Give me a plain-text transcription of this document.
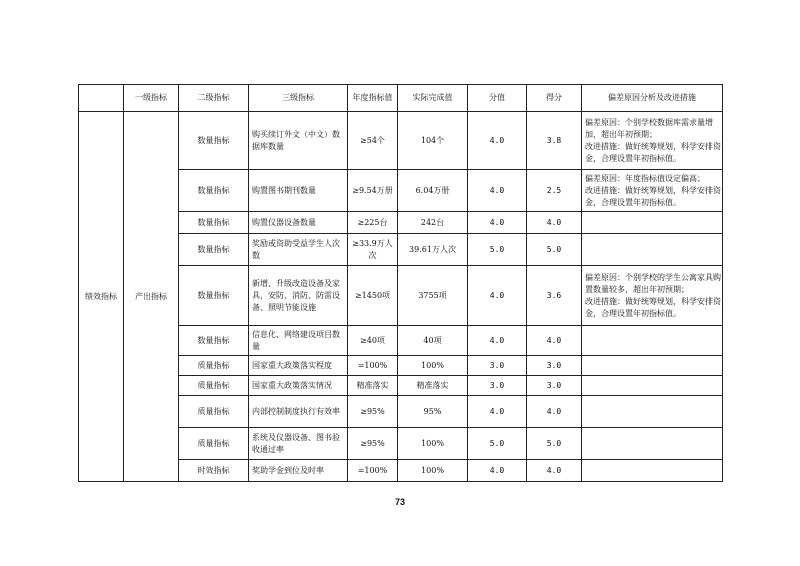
	一级指标	二级指标	三级指标	年度指标值	实际完成值	分值	得分	偏差原因分析及改进措施
绩效指标	产出指标	数量指标	购买续订外文（中文）数据库数量	≥54个	104个	4.0	3.8	偏差原因：个别学校数据库需求量增
加，超出年初预期；
改进措施：做好统筹规划，科学安排资
金，合理设置年初指标值。

		数量指标	购置图书期刊数量	≥9.54万册	6.04万册	4.0	2.5	偏差原因：年度指标值设定偏高；
改进措施：做好统筹规划，科学安排资
金，合理设置年初指标值。

		数量指标	购置仪器设备数量	≥225台	242台	4.0	4.0	
		数量指标	奖励或资助受益学生人次数	≥33.9万人次	39.61万人次	5.0	5.0	
		数量指标	新增、升级改造设备及家具，安防、消防、防雷设备、照明节能设施	≥1450项	3755项	4.0	3.6	偏差原因：个别学校的学生公寓家具购
置数量较多，超出年初预期；
改进措施：做好统筹规划，科学安排资
金，合理设置年初指标值。

		数量指标	信息化、网络建设项目数量	≥40项	40项	4.0	4.0	
		质量指标	国家重大政策落实程度	=100%	100%	3.0	3.0	
		质量指标	国家重大政策落实情况	精准落实	精准落实	3.0	3.0	
		质量指标	内部控制制度执行有效率	≥95%	95%	4.0	4.0	
		质量指标	系统及仪器设备、图书验收通过率	≥95%	100%	5.0	5.0	
		时效指标	奖助学金到位及时率	=100%	100%	4.0	4.0	
73
